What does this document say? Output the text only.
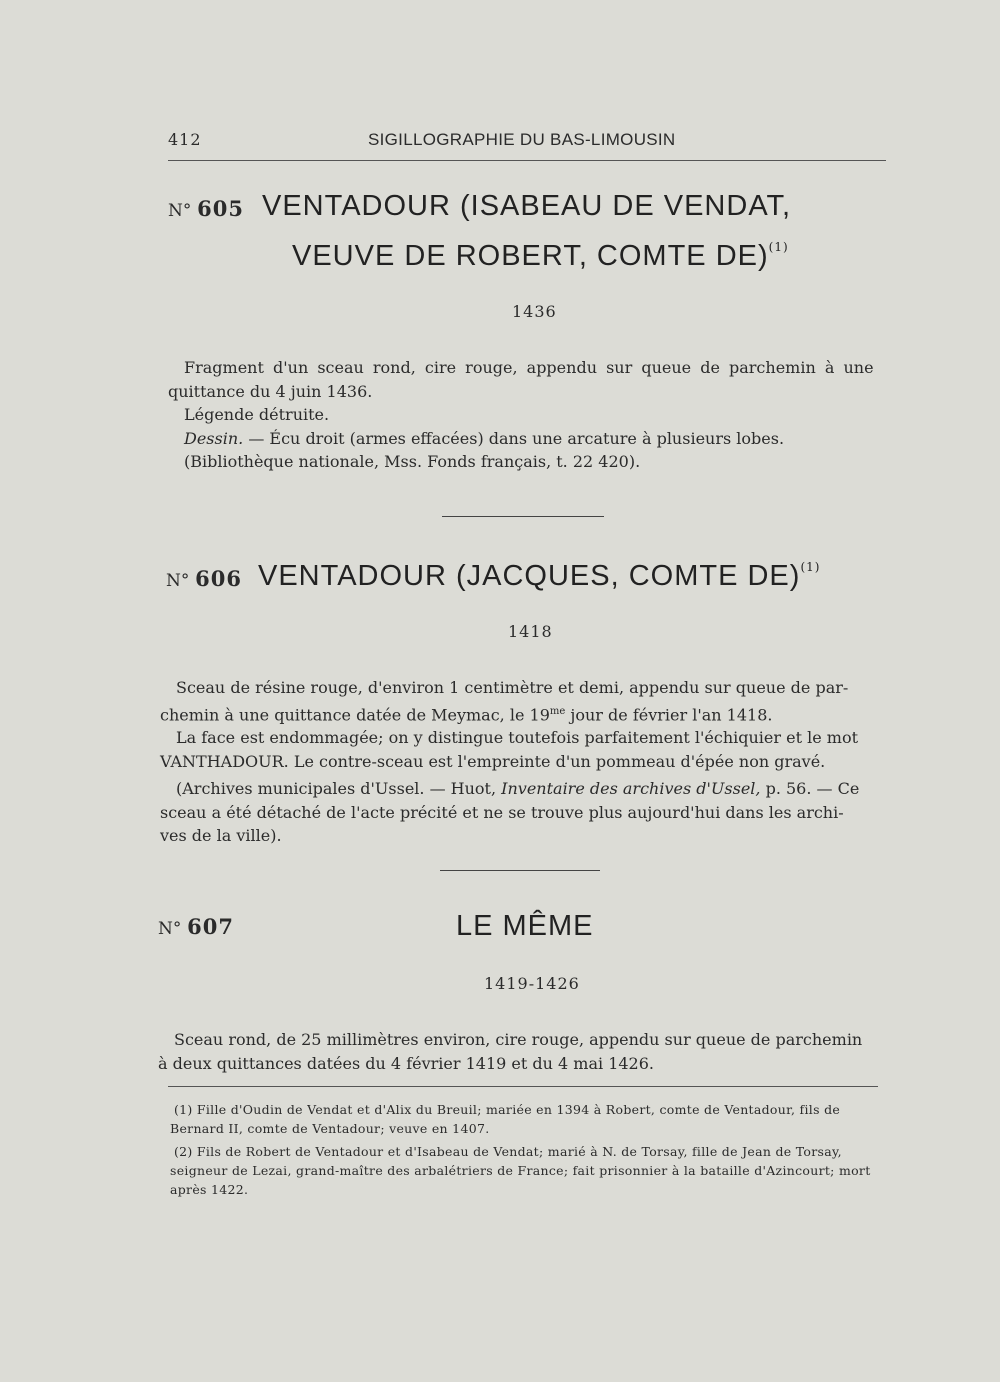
412	SIGILLOGRAPHIE DU BAS-LIMOUSIN
N° 605 VENTADOUR (ISABEAU DE VENDAT,
VEUVE DE ROBERT, COMTE DE)$^{(1)}$
1436
Fragment d'un sceau rond, cire rouge, appendu sur queue de parchemin à une
quittance du 4 juin 1436.
Légende détruite.
Dessin. — Écu droit (armes effacées) dans une arcature à plusieurs lobes.
(Bibliothèque nationale, Mss. Fonds français, t. 22 420).
N° 606 VENTADOUR (JACQUES, COMTE DE)$^{(1)}$
1418
Sceau de résine rouge, d'environ 1 centimètre et demi, appendu sur queue de par-
chemin à une quittance datée de Meymac, le $19^{me}$ jour de février l'an 1418.
La face est endommagée; on y distingue toutefois parfaitement l'échiquier et le mot
VANTHADOUR. Le contre-sceau est l'empreinte d'un pommeau d'épée non gravé.
(Archives municipales d'Ussel. — Huot, Inventaire des archives d'Ussel, p. 56. — Ce
sceau a été détaché de l'acte précité et ne se trouve plus aujourd'hui dans les archi-
ves de la ville).
N° 607	LE MÊME
1419-1426
Sceau rond, de 25 millimètres environ, cire rouge, appendu sur queue de parchemin
à deux quittances datées du 4 février 1419 et du 4 mai 1426.
(1) Fille d'Oudin de Vendat et d'Alix du Breuil; mariée en 1394 à Robert, comte de Ventadour, fils de
Bernard II, comte de Ventadour; veuve en 1407.
(2) Fils de Robert de Ventadour et d'Isabeau de Vendat; marié à N. de Torsay, fille de Jean de Torsay,
seigneur de Lezai, grand-maître des arbalétriers de France; fait prisonnier à la bataille d'Azincourt; mort
après 1422.
